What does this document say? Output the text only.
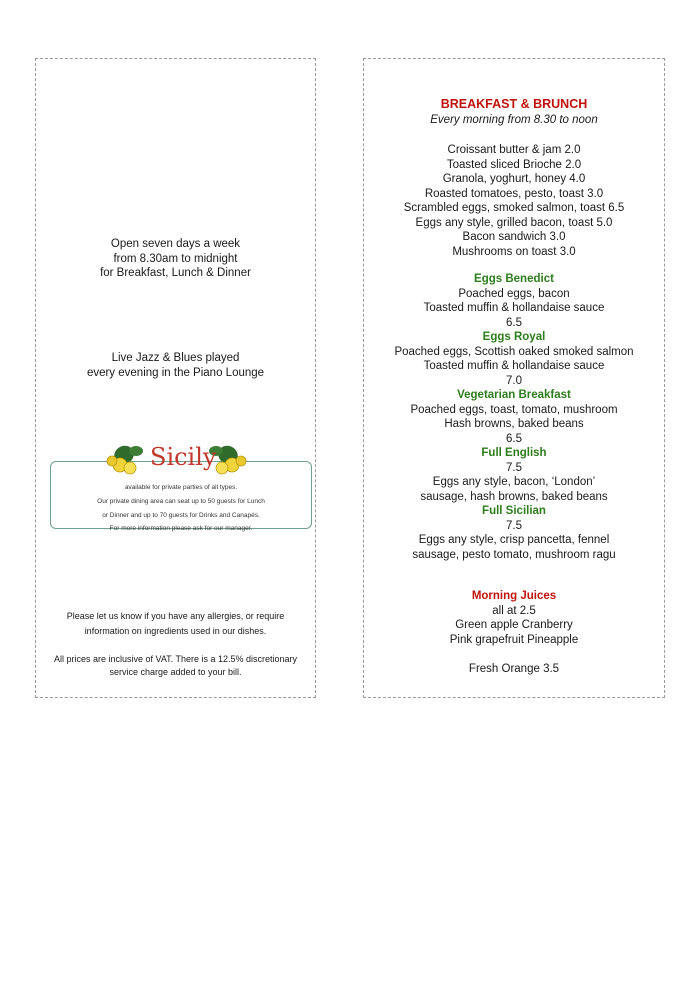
Open seven days a week
from 8.30am to midnight
for Breakfast, Lunch & Dinner
Live Jazz & Blues played
every evening in the Piano Lounge
available for private parties of all types.
Our private dining area can seat up to 50 guests for Lunch
or Dinner and up to 70 guests for Drinks and Canapés.
For more information please ask for our manager.
Sicily
Please let us know if you have any allergies, or require
information on ingredients used in our dishes.
All prices are inclusive of VAT. There is a 12.5% discretionary
service charge added to your bill.
BREAKFAST & BRUNCH
Every morning from 8.30 to noon
Croissant butter & jam 2.0
Toasted sliced Brioche 2.0
Granola, yoghurt, honey 4.0
Roasted tomatoes, pesto, toast 3.0
Scrambled eggs, smoked salmon, toast 6.5
Eggs any style, grilled bacon, toast 5.0
Bacon sandwich 3.0
Mushrooms on toast 3.0
Eggs Benedict
Poached eggs, bacon
Toasted muffin & hollandaise sauce
6.5
Eggs Royal
Poached eggs, Scottish oaked smoked salmon
Toasted muffin & hollandaise sauce
7.0
Vegetarian Breakfast
Poached eggs, toast, tomato, mushroom
Hash browns, baked beans
6.5
Full English
7.5
Eggs any style, bacon, ‘London’
sausage, hash browns, baked beans
Full Sicilian
7.5
Eggs any style, crisp pancetta, fennel
sausage, pesto tomato, mushroom ragu
Morning Juices
all at 2.5
Green apple Cranberry
Pink grapefruit Pineapple
Fresh Orange 3.5
